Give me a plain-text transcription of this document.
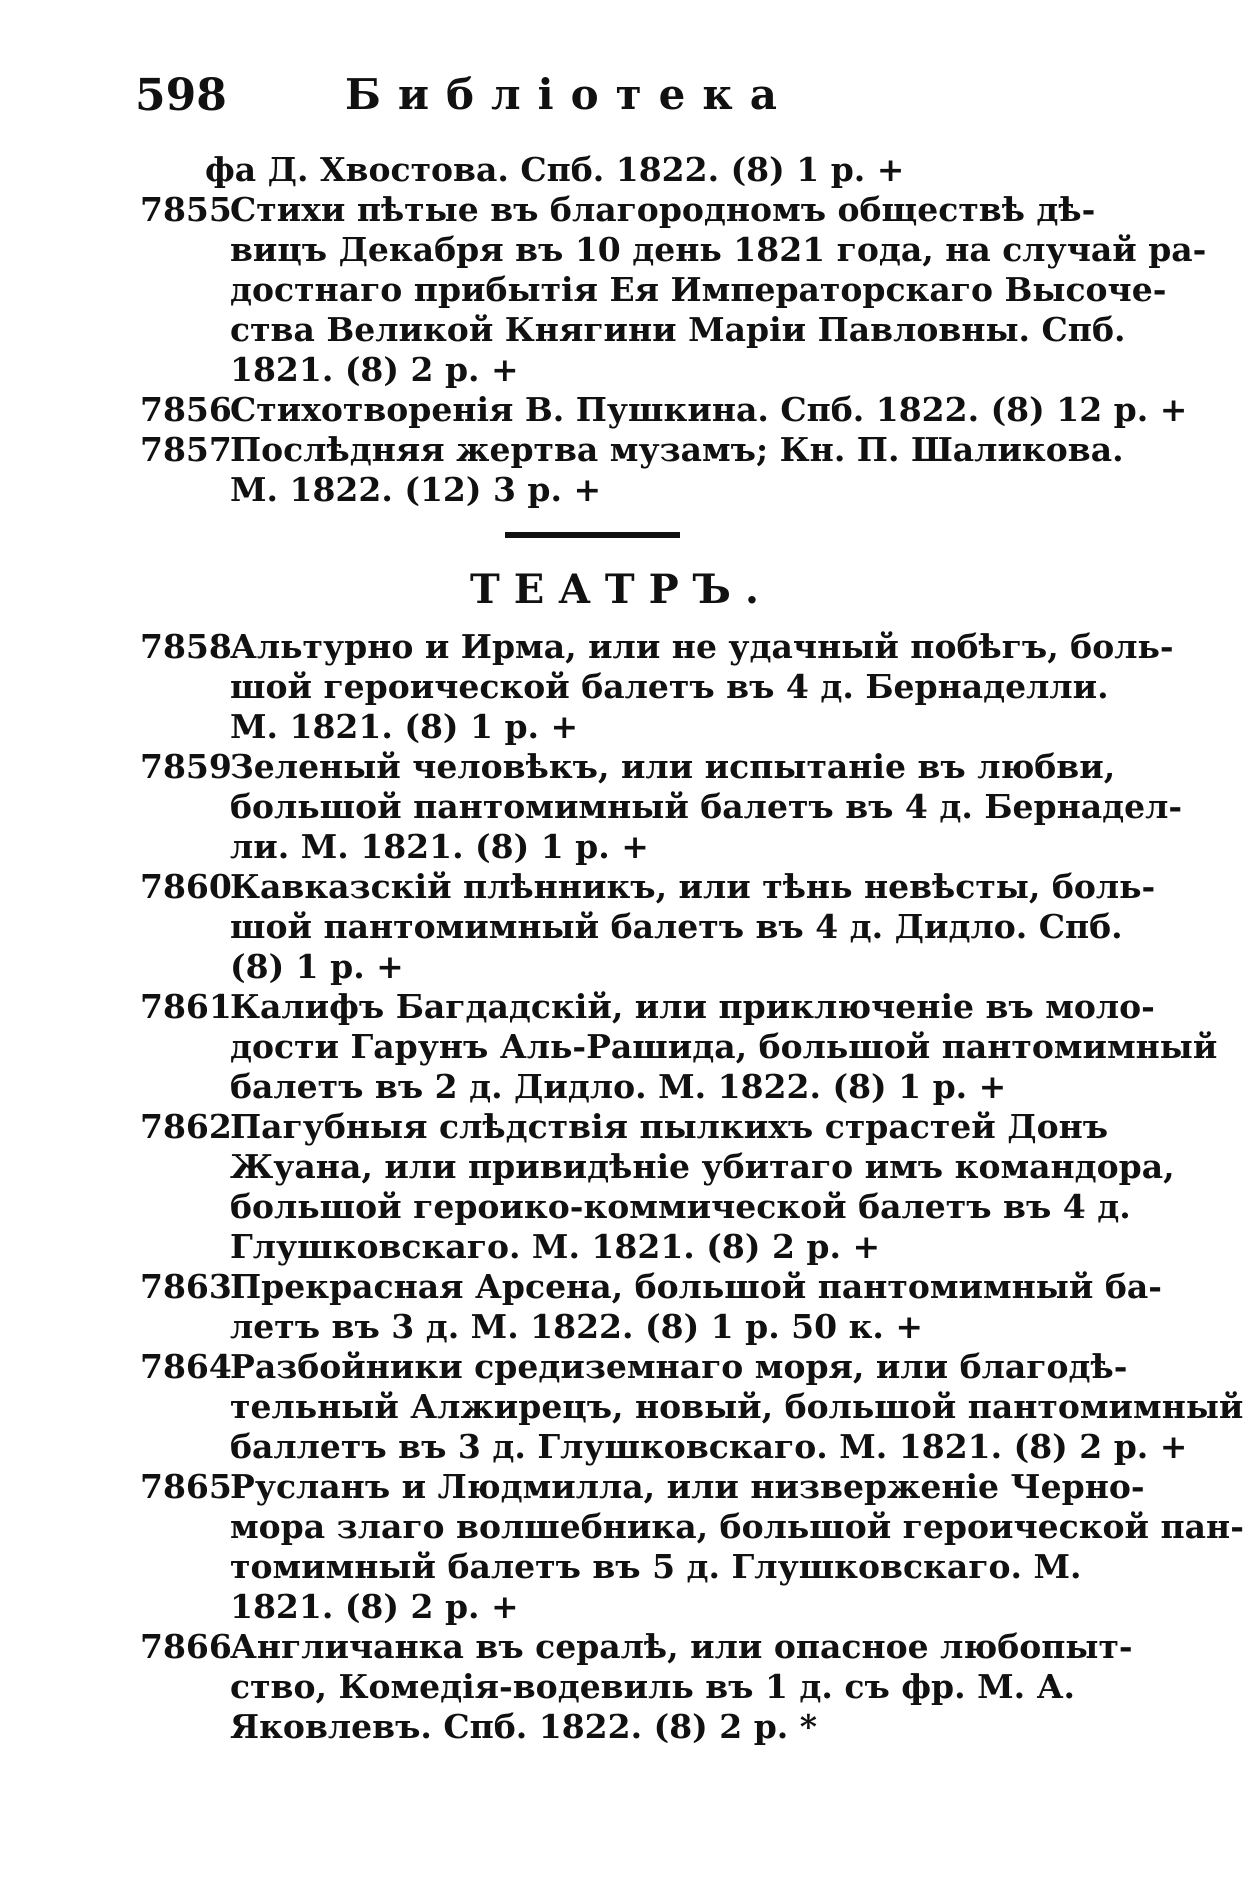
598	Библіотека
фа Д. Хвостова. Спб. 1822. (8) 1 р. +
7855
Стихи пѣтые въ благородномъ обществѣ дѣ-
вицъ Декабря въ 10 день 1821 года, на случай ра-
достнаго прибытія Ея Императорскаго Высоче-
ства Великой Княгини Маріи Павловны. Спб.
1821. (8) 2 р. +
7856
Стихотворенія В. Пушкина. Спб. 1822. (8) 12 р. +
7857
Послѣдняя жертва музамъ; Кн. П. Шаликова.
М. 1822. (12) 3 р. +
ТЕАТРЪ.
7858
Альтурно и Ирма, или не удачный побѣгъ, боль-
шой героической балетъ въ 4 д. Бернаделли.
М. 1821. (8) 1 р. +
7859
Зеленый человѣкъ, или испытаніе въ любви,
большой пантомимный балетъ въ 4 д. Бернадел-
ли. М. 1821. (8) 1 р. +
7860
Кавказскій плѣнникъ, или тѣнь невѣсты, боль-
шой пантомимный балетъ въ 4 д. Дидло. Спб.
(8) 1 р. +
7861
Калифъ Багдадскій, или приключеніе въ моло-
дости Гарунъ Аль-Рашида, большой пантомимный
балетъ въ 2 д. Дидло. М. 1822. (8) 1 р. +
7862
Пагубныя слѣдствія пылкихъ страстей Донъ
Жуана, или привидѣніе убитаго имъ командора,
большой героико-коммической балетъ въ 4 д.
Глушковскаго. М. 1821. (8) 2 р. +
7863
Прекрасная Арсена, большой пантомимный ба-
летъ въ 3 д. М. 1822. (8) 1 р. 50 к. +
7864
Разбойники средиземнаго моря, или благодѣ-
тельный Алжирецъ, новый, большой пантомимный
баллетъ въ 3 д. Глушковскаго. М. 1821. (8) 2 р. +
7865
Русланъ и Людмилла, или низверженіе Черно-
мора злаго волшебника, большой героической пан-
томимный балетъ въ 5 д. Глушковскаго. М.
1821. (8) 2 р. +
7866
Англичанка въ сералѣ, или опасное любопыт-
ство, Комедія-водевиль въ 1 д. съ фр. М. А.
Яковлевъ. Спб. 1822. (8) 2 р. *
